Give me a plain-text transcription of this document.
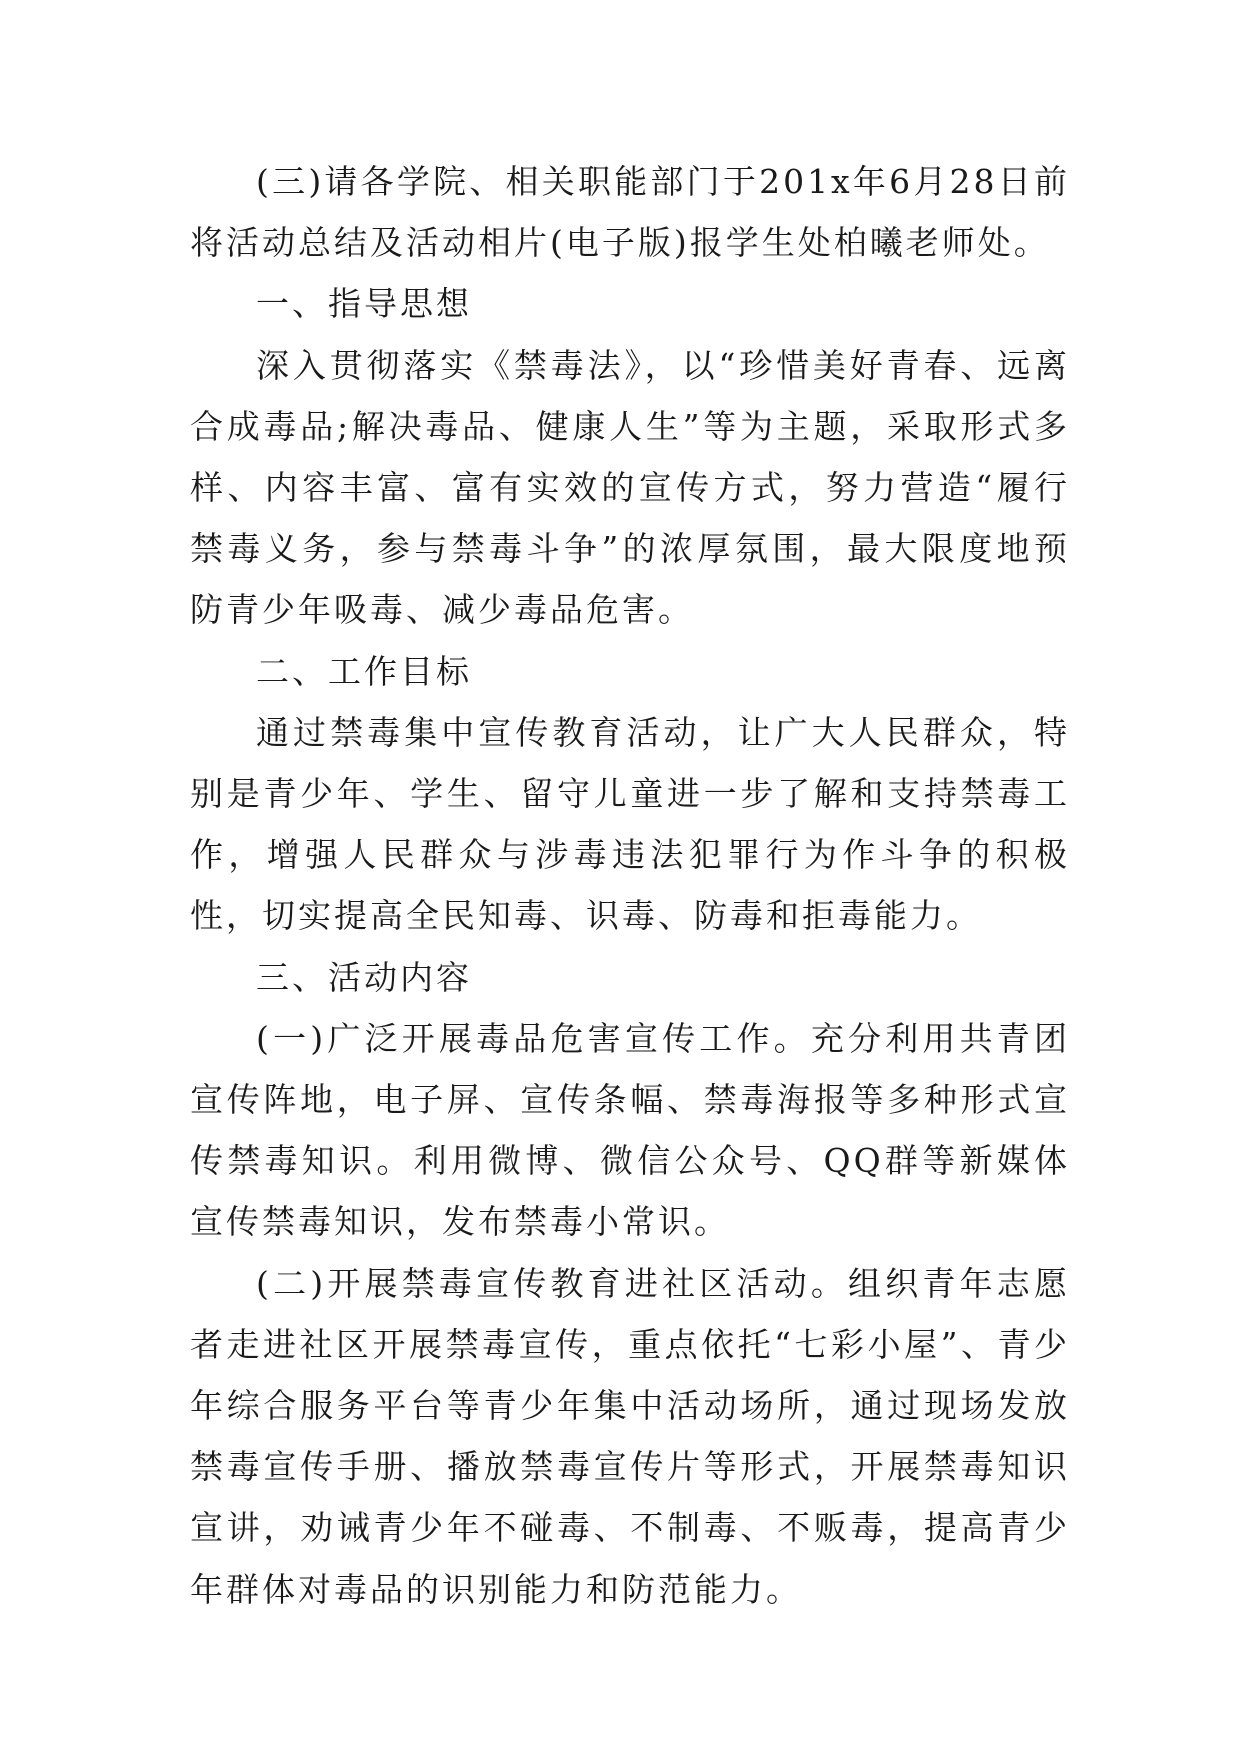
(三)请各学院、相关职能部门于201x年6月28日前将活动总结及活动相片(电子版)报学生处柏曦老师处。

一、指导思想

深入贯彻落实《禁毒法》，以“珍惜美好青春、远离合成毒品;解决毒品、健康人生”等为主题，采取形式多样、内容丰富、富有实效的宣传方式，努力营造“履行禁毒义务，参与禁毒斗争”的浓厚氛围，最大限度地预防青少年吸毒、减少毒品危害。

二、工作目标

通过禁毒集中宣传教育活动，让广大人民群众，特别是青少年、学生、留守儿童进一步了解和支持禁毒工作，增强人民群众与涉毒违法犯罪行为作斗争的积极性，切实提高全民知毒、识毒、防毒和拒毒能力。

三、活动内容

(一)广泛开展毒品危害宣传工作。充分利用共青团宣传阵地，电子屏、宣传条幅、禁毒海报等多种形式宣传禁毒知识。利用微博、微信公众号、QQ群等新媒体宣传禁毒知识，发布禁毒小常识。

(二)开展禁毒宣传教育进社区活动。组织青年志愿者走进社区开展禁毒宣传，重点依托“七彩小屋”、青少年综合服务平台等青少年集中活动场所，通过现场发放禁毒宣传手册、播放禁毒宣传片等形式，开展禁毒知识宣讲，劝诫青少年不碰毒、不制毒、不贩毒，提高青少年群体对毒品的识别能力和防范能力。
